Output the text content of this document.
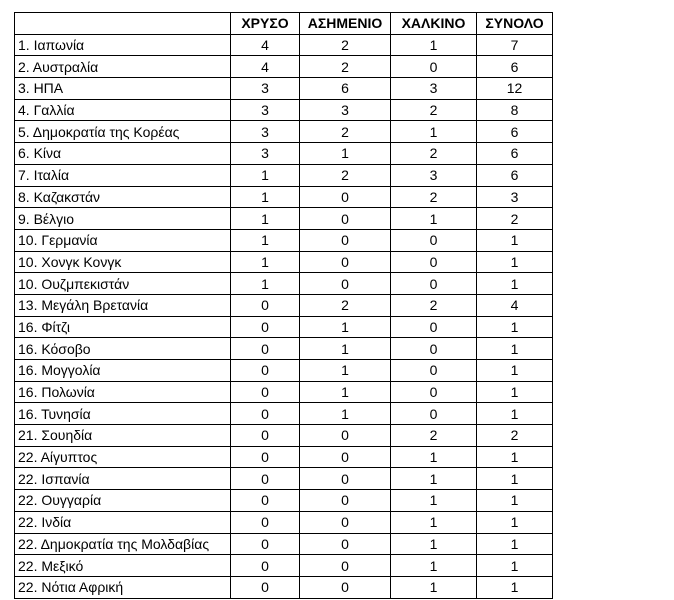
	ΧΡΥΣΟ	ΑΣΗΜΕΝΙΟ	ΧΑΛΚΙΝΟ	ΣΥΝΟΛΟ
1. Ιαπωνία	4	2	1	7
2. Αυστραλία	4	2	0	6
3. ΗΠΑ	3	6	3	12
4. Γαλλία	3	3	2	8
5. Δημοκρατία της Κορέας	3	2	1	6
6. Κίνα	3	1	2	6
7. Ιταλία	1	2	3	6
8. Καζακστάν	1	0	2	3
9. Βέλγιο	1	0	1	2
10. Γερμανία	1	0	0	1
10. Χονγκ Κονγκ	1	0	0	1
10. Ουζμπεκιστάν	1	0	0	1
13. Μεγάλη Βρετανία	0	2	2	4
16. Φίτζι	0	1	0	1
16. Κόσοβο	0	1	0	1
16. Μογγολία	0	1	0	1
16. Πολωνία	0	1	0	1
16. Τυνησία	0	1	0	1
21. Σουηδία	0	0	2	2
22. Αίγυπτος	0	0	1	1
22. Ισπανία	0	0	1	1
22. Ουγγαρία	0	0	1	1
22. Ινδία	0	0	1	1
22. Δημοκρατία της Μολδαβίας	0	0	1	1
22. Μεξικό	0	0	1	1
22. Νότια Αφρική	0	0	1	1
